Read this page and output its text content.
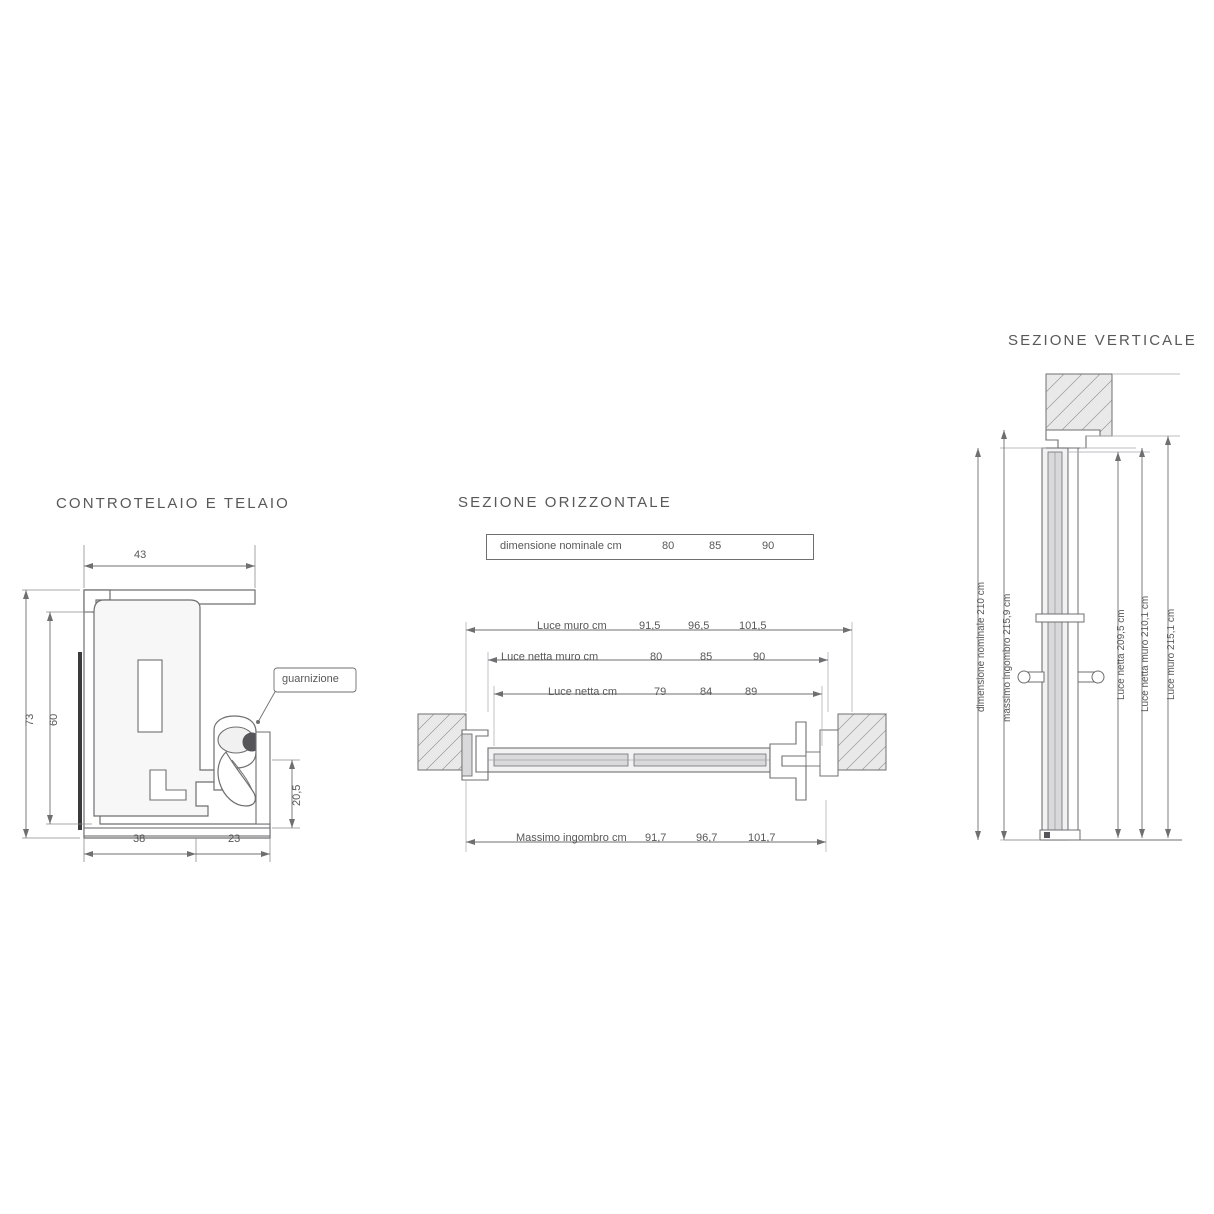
CONTROTELAIO E TELAIO	SEZIONE ORIZZONTALE
SEZIONE VERTICALE
43
73 60
38	23
20,5
guarnizione
dimensione nominale cm	80	85	90
Luce muro cm	91,5	96,5	101,5
Luce netta muro cm	80	85	90
Luce netta cm	79	84	89
Massimo ingombro cm 91,7	96,7	101,7
dimensione nominale 210 cm massimo ingombro 215,9 cm	Luce netta 209,5 cm Luce netta muro 210,1 cm Luce muro 215,1 cm
